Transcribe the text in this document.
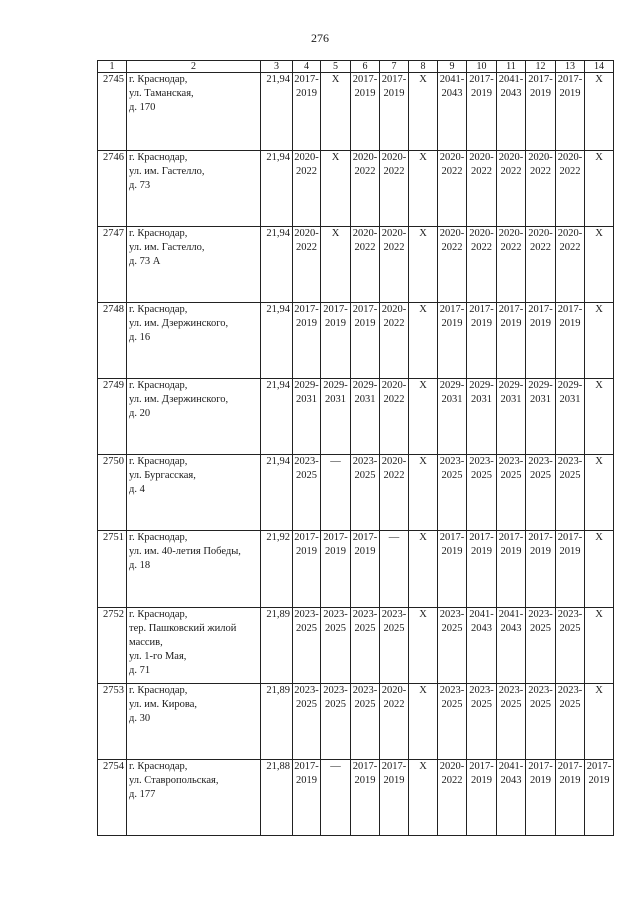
276
1	2	3	4	5	6	7	8	9	10	11	12	13	14
2745	г. Краснодар,
ул. Таманская,
д. 170	21,94	2017-
2019	X	2017-
2019	2017-
2019	X	2041-
2043	2017-
2019	2041-
2043	2017-
2019	2017-
2019	X

2746	г. Краснодар,
ул. им. Гастелло,
д. 73	21,94	2020-
2022	X	2020-
2022	2020-
2022	X	2020-
2022	2020-
2022	2020-
2022	2020-
2022	2020-
2022	X

2747	г. Краснодар,
ул. им. Гастелло,
д. 73 А	21,94	2020-
2022	X	2020-
2022	2020-
2022	X	2020-
2022	2020-
2022	2020-
2022	2020-
2022	2020-
2022	X

2748	г. Краснодар,
ул. им. Дзержинского,
д. 16	21,94	2017-
2019	2017-
2019	2017-
2019	2020-
2022	X	2017-
2019	2017-
2019	2017-
2019	2017-
2019	2017-
2019	X

2749	г. Краснодар,
ул. им. Дзержинского,
д. 20	21,94	2029-
2031	2029-
2031	2029-
2031	2020-
2022	X	2029-
2031	2029-
2031	2029-
2031	2029-
2031	2029-
2031	X

2750	г. Краснодар,
ул. Бургасская,
д. 4	21,94	2023-
2025	—	2023-
2025	2020-
2022	X	2023-
2025	2023-
2025	2023-
2025	2023-
2025	2023-
2025	X

2751	г. Краснодар,
ул. им. 40-летия Победы,
д. 18	21,92	2017-
2019	2017-
2019	2017-
2019	—	X	2017-
2019	2017-
2019	2017-
2019	2017-
2019	2017-
2019	X

2752	г. Краснодар,
тер. Пашковский жилой массив,
ул. 1-го Мая,
д. 71	21,89	2023-
2025	2023-
2025	2023-
2025	2023-
2025	X	2023-
2025	2041-
2043	2041-
2043	2023-
2025	2023-
2025	X

2753	г. Краснодар,
ул. им. Кирова,
д. 30	21,89	2023-
2025	2023-
2025	2023-
2025	2020-
2022	X	2023-
2025	2023-
2025	2023-
2025	2023-
2025	2023-
2025	X

2754	г. Краснодар,
ул. Ставропольская,
д. 177	21,88	2017-
2019	—	2017-
2019	2017-
2019	X	2020-
2022	2017-
2019	2041-
2043	2017-
2019	2017-
2019	2017-
2019
